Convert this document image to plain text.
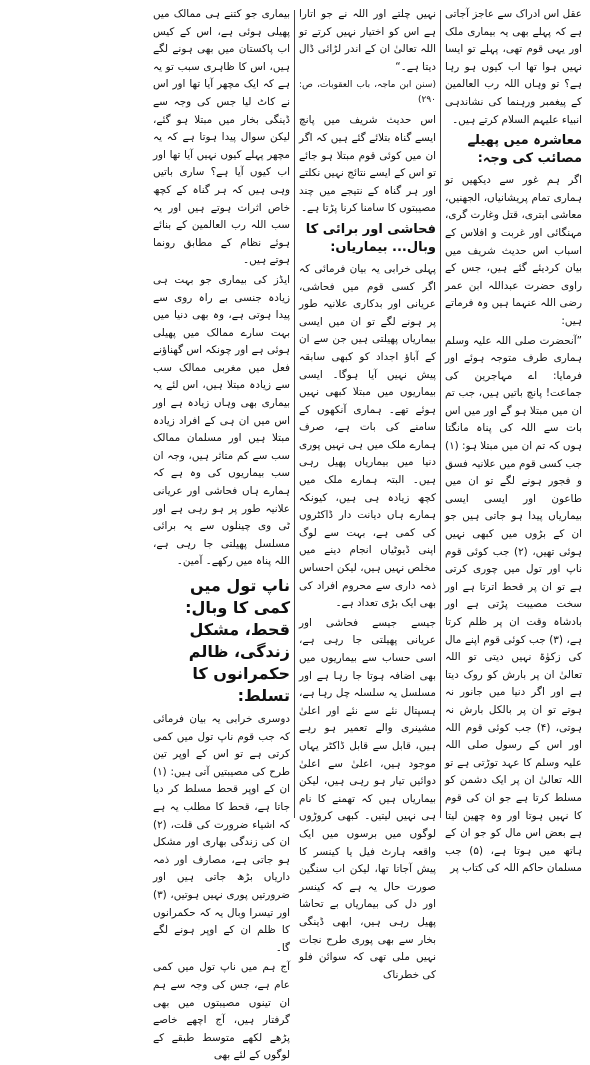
عقل اس ادراک سے عاجز آجاتی ہے کہ پہلے بھی یہ بیماری ملک اور یہی قوم تھی، پہلے تو ایسا نہیں ہوا تھا اب کیوں ہو رہا ہے؟ تو وہاں اللہ رب العالمین کے پیغمبر ورہنما کی نشاندہی انبیاء علیہم السلام کرتے ہیں۔

معاشرہ میں پھیلے مصائب کی وجہ:

اگر ہم غور سے دیکھیں تو ہماری تمام پریشانیاں، الجھنیں، معاشی ابتری، قتل وغارت گری، مہنگائی اور غربت و افلاس کے اسباب اس حدیث شریف میں بیان کردیئے گئے ہیں، جس کے راوی حضرت عبداللہ ابن عمر رضی اللہ عنہما ہیں وہ فرماتے ہیں:

”آنحضرت صلی اللہ علیہ وسلم ہماری طرف متوجہ ہوئے اور فرمایا: اے مہاجرین کی جماعت! پانچ باتیں ہیں، جب تم ان میں مبتلا ہو گے اور میں اس بات سے اللہ کی پناہ مانگتا ہوں کہ تم ان میں مبتلا ہو: (۱) جب کسی قوم میں علانیہ فسق و فجور ہونے لگے تو ان میں طاعون اور ایسی ایسی بیماریاں پیدا ہو جاتی ہیں جو ان کے بڑوں میں کبھی نہیں ہوئی تھیں، (۲) جب کوئی قوم ناپ اور تول میں چوری کرتی ہے تو ان پر قحط اترتا ہے اور سخت مصیبت پڑتی ہے اور بادشاہ وقت ان پر ظلم کرتا ہے، (۳) جب کوئی قوم اپنے مال کی زکوٰۃ نہیں دیتی تو اللہ تعالیٰ ان پر بارش کو روک دیتا ہے اور اگر دنیا میں جانور نہ ہوتے تو ان پر بالکل بارش نہ ہوتی، (۴) جب کوئی قوم اللہ اور اس کے رسول صلی اللہ علیہ وسلم کا عہد توڑتی ہے تو اللہ تعالیٰ ان پر ایک دشمن کو مسلط کرتا ہے جو ان کی قوم کا نہیں ہوتا اور وہ چھین لیتا ہے بعض اس مال کو جو ان کے ہاتھ میں ہوتا ہے، (۵) جب مسلمان حاکم اللہ کی کتاب پر

نہیں چلتے اور اللہ نے جو اتارا ہے اس کو اختیار نہیں کرتے تو اللہ تعالیٰ ان کے اندر لڑائی ڈال دیتا ہے۔“

(سنن ابن ماجہ، باب العقوبات، ص: ۲۹۰)

اس حدیث شریف میں پانچ ایسے گناہ بتلائے گئے ہیں کہ اگر ان میں کوئی قوم مبتلا ہو جائے تو اس کے ایسے نتائج نہیں نکلتے اور ہر گناہ کے نتیجے میں چند مصیبتوں کا سامنا کرنا پڑتا ہے۔

فحاشی اور برائی کا وبال... بیماریاں:

پہلی خرابی یہ بیان فرمائی کہ اگر کسی قوم میں فحاشی، عریانی اور بدکاری علانیہ طور پر ہونے لگے تو ان میں ایسی بیماریاں پھیلتی ہیں جن سے ان کے آباؤ اجداد کو کبھی سابقہ پیش نہیں آیا ہوگا۔ ایسی بیماریوں میں مبتلا کبھی نہیں ہوئے تھے۔ ہماری آنکھوں کے سامنے کی بات ہے، صرف ہمارے ملک میں ہی نہیں پوری دنیا میں بیماریاں پھیل رہی ہیں۔ البتہ ہمارے ملک میں کچھ زیادہ ہی ہیں، کیونکہ ہمارے ہاں دیانت دار ڈاکٹروں کی کمی ہے، بہت سے لوگ اپنی ڈیوٹیاں انجام دینے میں مخلص نہیں ہیں، لیکن احساس ذمہ داری سے محروم افراد کی بھی ایک بڑی تعداد ہے۔

جیسے جیسے فحاشی اور عریانی پھیلتی جا رہی ہے، اسی حساب سے بیماریوں میں بھی اضافہ ہوتا جا رہا ہے اور مسلسل یہ سلسلہ چل رہا ہے، ہسپتال نئے سے نئے اور اعلیٰ مشینری والے تعمیر ہو رہے ہیں، قابل سے قابل ڈاکٹر یہاں موجود ہیں، اعلیٰ سے اعلیٰ دوائیں تیار ہو رہی ہیں، لیکن بیماریاں ہیں کہ تھمنے کا نام ہی نہیں لیتیں۔ کبھی کروڑوں لوگوں میں برسوں میں ایک واقعہ ہارٹ فیل یا کینسر کا پیش آجاتا تھا، لیکن اب سنگین صورت حال یہ ہے کہ کینسر اور دل کی بیماریاں بے تحاشا پھیل رہی ہیں، ابھی ڈینگی بخار سے بھی پوری طرح نجات نہیں ملی تھی کہ سوائن فلو کی خطرناک

بیماری جو کتنے ہی ممالک میں پھیلی ہوئی ہے، اس کے کیس اب پاکستان میں بھی ہونے لگے ہیں، اس کا ظاہری سبب تو یہ ہے کہ ایک مچھر آیا تھا اور اس نے کاٹ لیا جس کی وجہ سے ڈینگی بخار میں مبتلا ہو گئے، لیکن سوال پیدا ہوتا ہے کہ یہ مچھر پہلے کیوں نہیں آیا تھا اور اب کیوں آیا ہے؟ ساری باتیں وہی ہیں کہ ہر گناہ کے کچھ خاص اثرات ہوتے ہیں اور یہ سب اللہ رب العالمین کے بنائے ہوئے نظام کے مطابق رونما ہوتے ہیں۔

ایڈز کی بیماری جو بہت ہی زیادہ جنسی بے راہ روی سے پیدا ہوتی ہے، وہ بھی دنیا میں بہت سارے ممالک میں پھیلی ہوئی ہے اور چونکہ اس گھناؤنے فعل میں مغربی ممالک سب سے زیادہ مبتلا ہیں، اس لئے یہ بیماری بھی وہاں زیادہ ہے اور اس میں ان ہی کے افراد زیادہ مبتلا ہیں اور مسلمان ممالک سب سے کم متاثر ہیں، وجہ ان سب بیماریوں کی وہ ہے کہ ہمارے ہاں فحاشی اور عریانی علانیہ طور پر ہو رہی ہے اور ٹی وی چینلوں سے یہ برائی مسلسل پھیلتی جا رہی ہے، اللہ پناہ میں رکھے۔ آمین۔

ناپ تول میں کمی کا وبال: قحط، مشکل زندگی، ظالم حکمرانوں کا تسلط:

دوسری خرابی یہ بیان فرمائی کہ جب قوم ناپ تول میں کمی کرتی ہے تو اس کے اوپر تین طرح کی مصیبتیں آتی ہیں: (۱) ان کے اوپر قحط مسلط کر دیا جاتا ہے، قحط کا مطلب یہ ہے کہ اشیاء ضرورت کی قلت، (۲) ان کی زندگی بھاری اور مشکل ہو جاتی ہے، مصارف اور ذمہ داریاں بڑھ جاتی ہیں اور ضرورتیں پوری نہیں ہوتیں، (۳) اور تیسرا وبال یہ کہ حکمرانوں کا ظلم ان کے اوپر ہونے لگے گا۔

آج ہم میں ناپ تول میں کمی عام ہے، جس کی وجہ سے ہم ان تینوں مصیبتوں میں بھی گرفتار ہیں، آج اچھے خاصے پڑھے لکھے متوسط طبقے کے لوگوں کے لئے بھی
